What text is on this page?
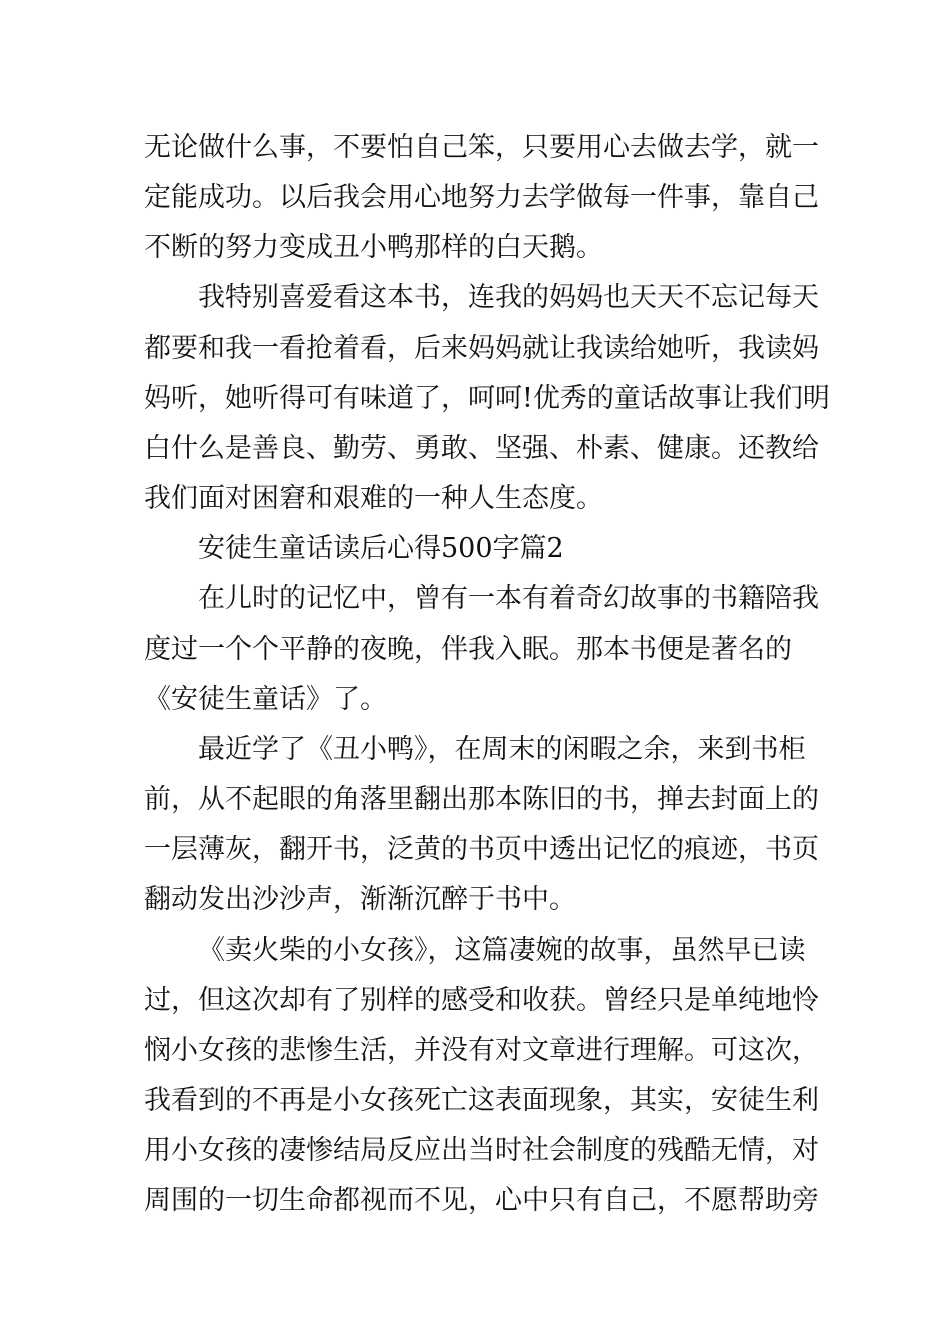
无论做什么事，不要怕自己笨，只要用心去做去学，就一
定能成功。以后我会用心地努力去学做每一件事，靠自己
不断的努力变成丑小鸭那样的白天鹅。
我特别喜爱看这本书，连我的妈妈也天天不忘记每天
都要和我一看抢着看，后来妈妈就让我读给她听，我读妈
妈听，她听得可有味道了，呵呵!优秀的童话故事让我们明
白什么是善良、勤劳、勇敢、坚强、朴素、健康。还教给
我们面对困窘和艰难的一种人生态度。
安徒生童话读后心得500字篇2
在儿时的记忆中，曾有一本有着奇幻故事的书籍陪我
度过一个个平静的夜晚，伴我入眠。那本书便是著名的
《安徒生童话》了。
最近学了《丑小鸭》，在周末的闲暇之余，来到书柜
前，从不起眼的角落里翻出那本陈旧的书，掸去封面上的
一层薄灰，翻开书，泛黄的书页中透出记忆的痕迹，书页
翻动发出沙沙声，渐渐沉醉于书中。
《卖火柴的小女孩》，这篇凄婉的故事，虽然早已读
过，但这次却有了别样的感受和收获。曾经只是单纯地怜
悯小女孩的悲惨生活，并没有对文章进行理解。可这次，
我看到的不再是小女孩死亡这表面现象，其实，安徒生利
用小女孩的凄惨结局反应出当时社会制度的残酷无情，对
周围的一切生命都视而不见，心中只有自己，不愿帮助旁
